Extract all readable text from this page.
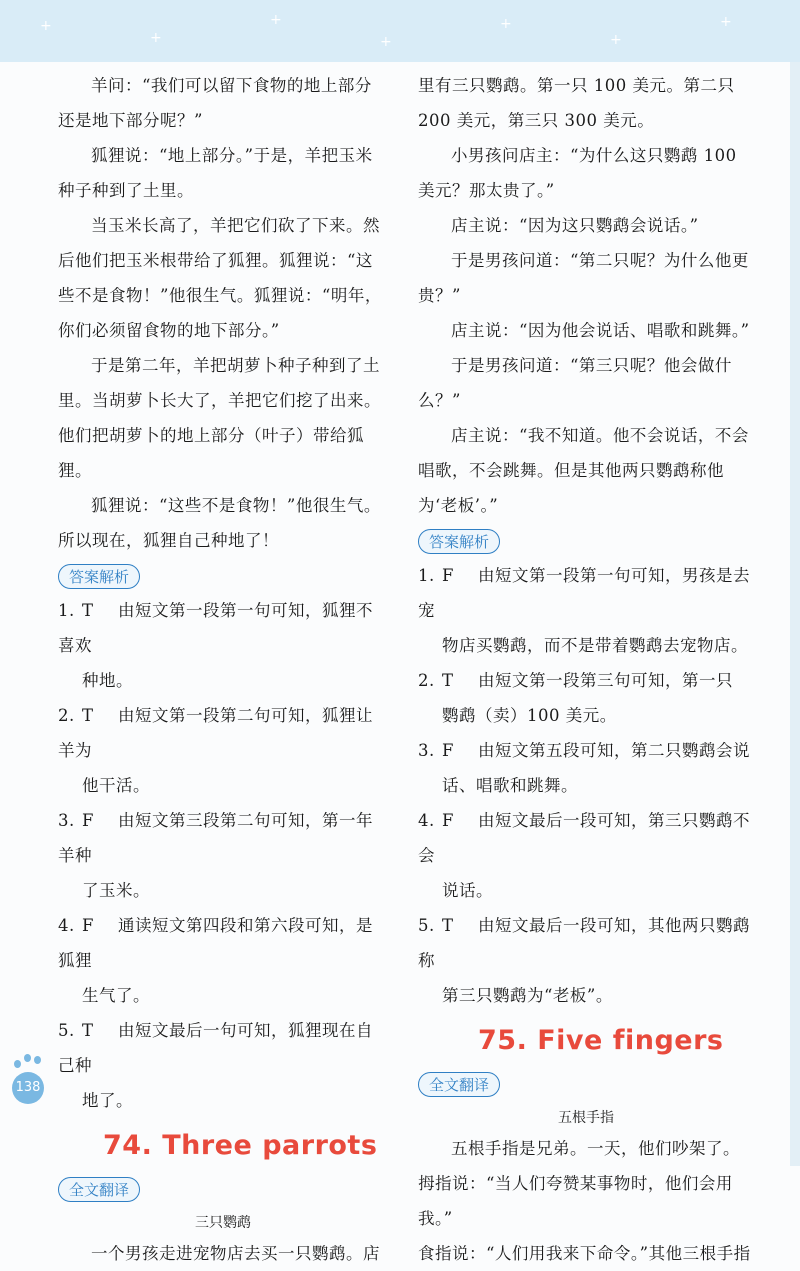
+
+
+
+
+
+
+

羊问：“我们可以留下食物的地上部分还是地下部分呢？”

狐狸说：“地上部分。”于是，羊把玉米种子种到了土里。

当玉米长高了，羊把它们砍了下来。然后他们把玉米根带给了狐狸。狐狸说：“这些不是食物！”他很生气。狐狸说：“明年，你们必须留食物的地下部分。”

于是第二年，羊把胡萝卜种子种到了土里。当胡萝卜长大了，羊把它们挖了出来。他们把胡萝卜的地上部分（叶子）带给狐狸。

狐狸说：“这些不是食物！”他很生气。所以现在，狐狸自己种地了！

答案解析

1. T 由短文第一段第一句可知，狐狸不喜欢
种地。

2. T 由短文第一段第二句可知，狐狸让羊为
他干活。

3. F 由短文第三段第二句可知，第一年羊种
了玉米。

4. F 通读短文第四段和第六段可知，是狐狸
生气了。

5. T 由短文最后一句可知，狐狸现在自己种
地了。

74. Three parrots
全文翻译
三只鹦鹉

一个男孩走进宠物店去买一只鹦鹉。店

里有三只鹦鹉。第一只 100 美元。第二只 200 美元，第三只 300 美元。

小男孩问店主：“为什么这只鹦鹉 100 美元？那太贵了。”

店主说：“因为这只鹦鹉会说话。”

于是男孩问道：“第二只呢？为什么他更贵？”

店主说：“因为他会说话、唱歌和跳舞。”

于是男孩问道：“第三只呢？他会做什么？”

店主说：“我不知道。他不会说话，不会唱歌，不会跳舞。但是其他两只鹦鹉称他为‘老板’。”

答案解析

1. F 由短文第一段第一句可知，男孩是去宠
物店买鹦鹉，而不是带着鹦鹉去宠物店。

2. T 由短文第一段第三句可知，第一只
鹦鹉（卖）100 美元。

3. F 由短文第五段可知，第二只鹦鹉会说
话、唱歌和跳舞。

4. F 由短文最后一段可知，第三只鹦鹉不会
说话。

5. T 由短文最后一段可知，其他两只鹦鹉称
第三只鹦鹉为“老板”。

75. Five fingers
全文翻译
五根手指

五根手指是兄弟。一天，他们吵架了。

拇指说：“当人们夸赞某事物时，他们会用我。”

食指说：“人们用我来下命令。”其他三根手指

138
